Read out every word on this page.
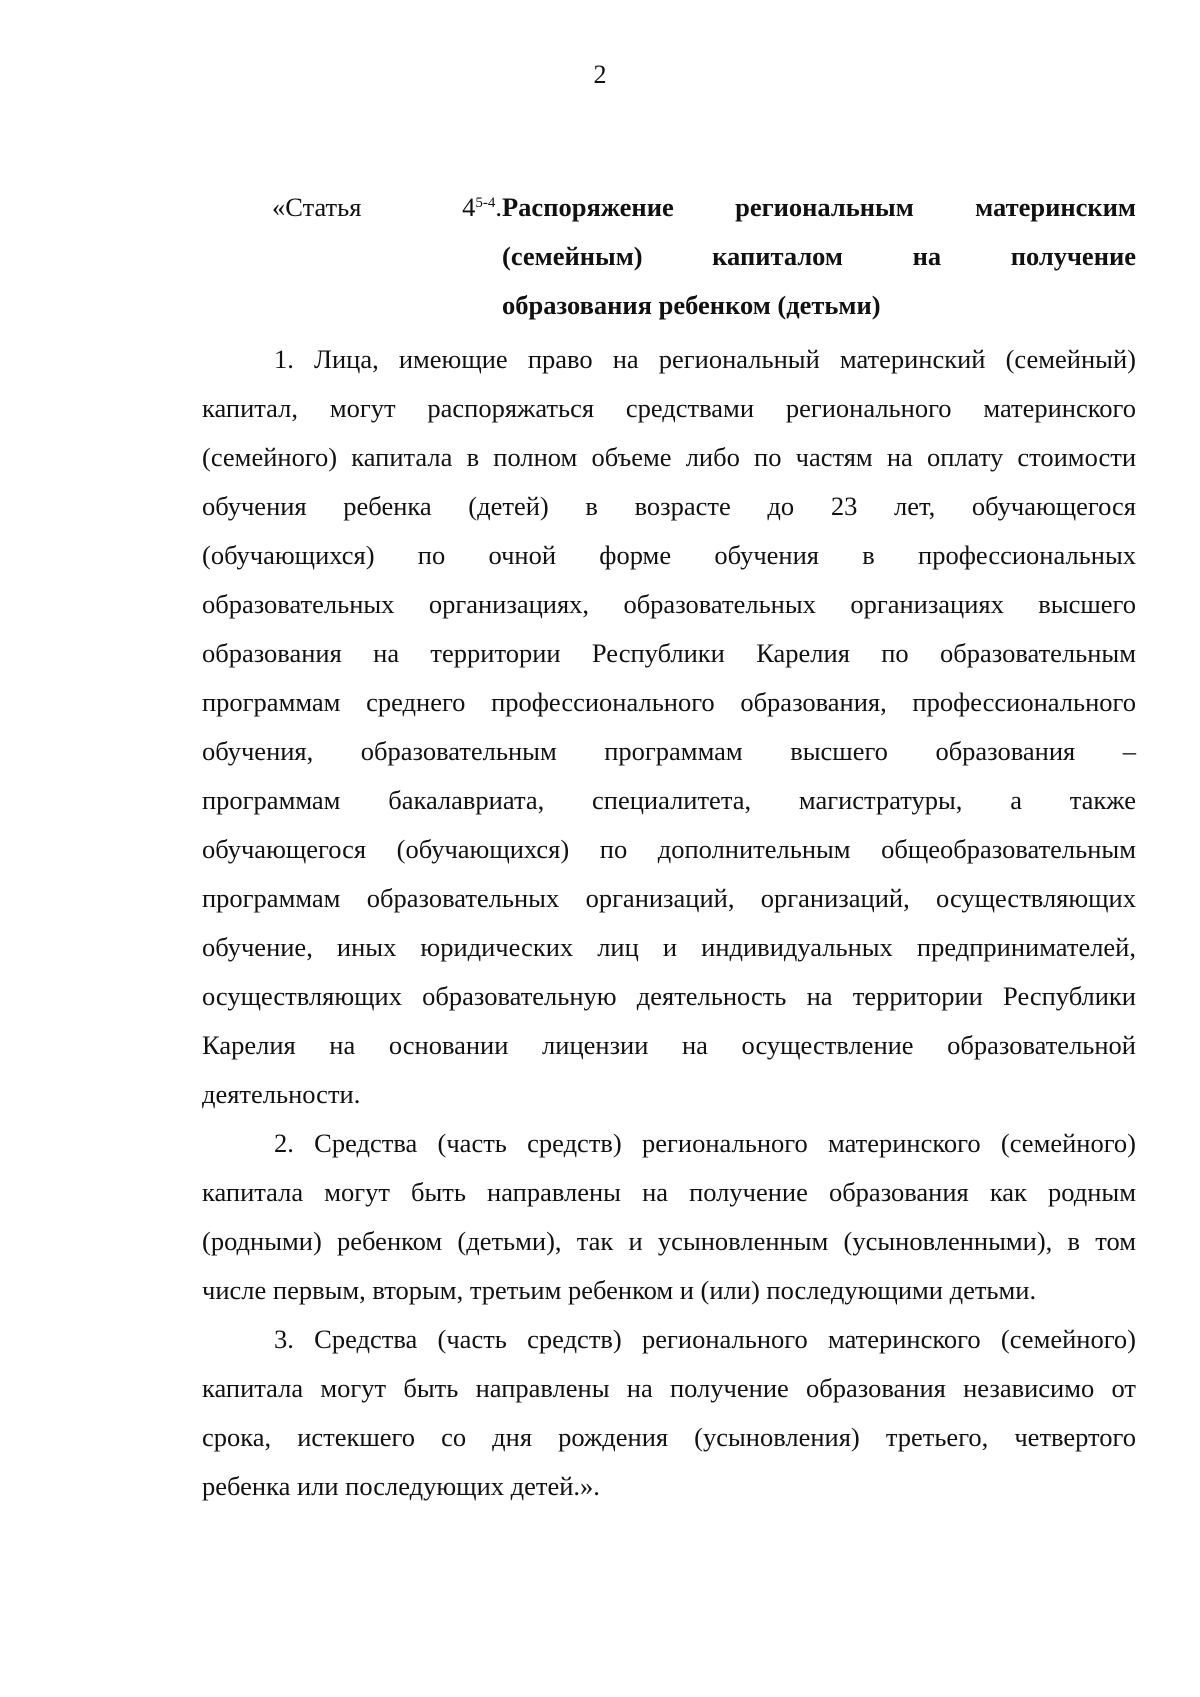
2
«Статья	4$^{5-4}$. Распоряжение региональным материнским
(семейным) капиталом на получение
образования ребенком (детьми)
1. Лица, имеющие право на региональный материнский (семейный)
капитал, могут распоряжаться средствами регионального материнского
(семейного) капитала в полном объеме либо по частям на оплату стоимости
обучения ребенка (детей) в возрасте до 23 лет, обучающегося
(обучающихся) по очной форме обучения в профессиональных
образовательных организациях, образовательных организациях высшего
образования на территории Республики Карелия по образовательным
программам среднего профессионального образования, профессионального
обучения, образовательным программам высшего образования –
программам бакалавриата, специалитета, магистратуры, а также
обучающегося (обучающихся) по дополнительным общеобразовательным
программам образовательных организаций, организаций, осуществляющих
обучение, иных юридических лиц и индивидуальных предпринимателей,
осуществляющих образовательную деятельность на территории Республики
Карелия на основании лицензии на осуществление образовательной
деятельности.
2. Средства (часть средств) регионального материнского (семейного)
капитала могут быть направлены на получение образования как родным
(родными) ребенком (детьми), так и усыновленным (усыновленными), в том
числе первым, вторым, третьим ребенком и (или) последующими детьми.
3. Средства (часть средств) регионального материнского (семейного)
капитала могут быть направлены на получение образования независимо от
срока, истекшего со дня рождения (усыновления) третьего, четвертого
ребенка или последующих детей.».
